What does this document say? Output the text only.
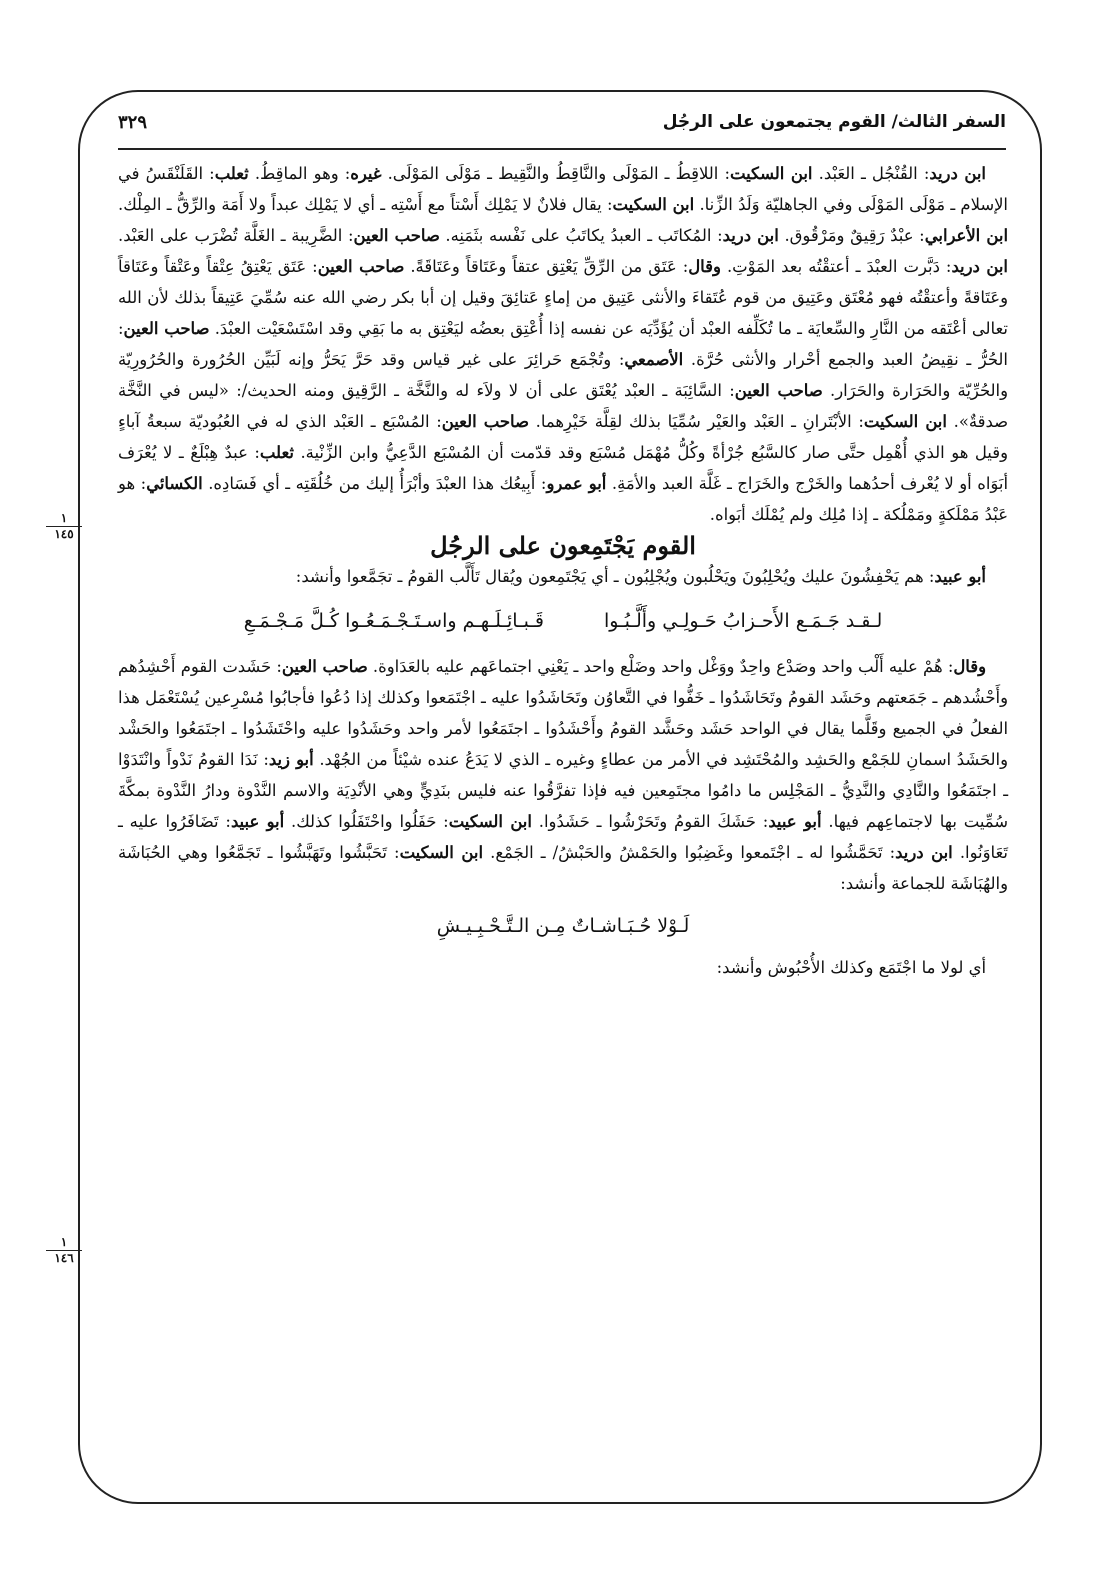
السفر الثالث/ القوم يجتمعون على الرجُل
٣٢٩
١
١٤٥
١
١٤٦

ابن دريد: القُنْجُل ـ العَبْد. ابن السكيت: اللاقِطُ ـ المَوْلَى والنَّاقِطُ والنَّقِيط ـ مَوْلَى المَوْلَى. غيره: وهو الماقِطُ. ثعلب: القَلَنْقَسُ في الإسلام ـ مَوْلَى المَوْلَى وفي الجاهليّة وَلَدُ الزِّنا. ابن السكيت: يقال فلانٌ لا يَمْلِك أَسْتاً مع أَسْتِه ـ أي لا يَمْلِك عبداً ولا أَمَة والرِّقُّ ـ المِلْك. ابن الأعرابي: عبْدٌ رَقِيقٌ ومَرْقُوق. ابن دريد: المُكاتَب ـ العبدُ يكاتَبُ على نَفْسه بثَمَنِه. صاحب العين: الضَّرِيبة ـ الغَلَّة تُضْرَب على العَبْد. ابن دريد: دَبَّرت العبْدَ ـ أعتقْتُه بعد المَوْتِ. وقال: عَتَق من الرِّقِّ يَعْتِق عتقاً وعَتَاقاً وعَتَاقَةً. صاحب العين: عَتَق يَعْتِقُ عِتْقاً وعَتْقاً وعَتَاقاً وعَتَاقةً وأعتقْتُه فهو مُعْتَق وعَتِيق من قوم عُتَقاءَ والأنثى عَتِيق من إماءٍ عَتائِقَ وقيل إن أبا بكر رضي الله عنه سُمِّيَ عَتِيقاً بذلك لأن الله تعالى أعْتَقه من النَّارِ والسِّعايَة ـ ما تُكَلِّفه العبْد أن يُؤَدِّيَه عن نفسه إذا أُعْتِق بعضُه ليَعْتِق به ما بَقِي وقد اسْتَسْعَيْت العبْدَ. صاحب العين: الحُرُّ ـ نقِيضُ العبد والجمع أحْرار والأنثى حُرَّة. الأصمعي: وتُجْمَع حَرائِرَ على غير قياس وقد حَرَّ يَحَرُّ وإنه لَبَيِّن الحُرُورة والحُرُورِيّة والحُرِّيّة والحَرَارة والحَرَار. صاحب العين: السَّائِبَة ـ العبْد يُعْتَق على أن لا ولاَء له والنَّخَّة ـ الرَّقِيق ومنه الحديث/: «ليس في النَّخَّة صدقةٌ». ابن السكيت: الأبْتَرانِ ـ العَبْد والعَيْر سُمِّيَا بذلك لقِلَّة خَيْرِهما. صاحب العين: المُسْبَع ـ العَبْد الذي له في العُبُوديّة سبعةُ آباءٍ وقيل هو الذي أُهْمِل حتَّى صار كالسَّبُع جُرْأةً وكُلُّ مُهْمَل مُسْبَع وقد قدّمت أن المُسْبَع الدَّعِيُّ وابن الزِّنْية. ثعلب: عبدٌ هِبْلَعٌ ـ لا يُعْرَف أبَوَاه أو لا يُعْرف أحدُهما والخَرْج والخَرَاج ـ غَلَّة العبد والأمَةِ. أبو عمرو: أَبِيعُك هذا العبْدَ وأبْرَأُ إليك من خُلُقَتِه ـ أي فَسَادِه. الكسائي: هو عَبْدُ مَمْلَكةٍ ومَمْلُكة ـ إذا مُلِك ولم يُمْلَك أبَواه.

القوم يَجْتَمِعون على الرجُل

أبو عبيد: هم يَحْفِشُونَ عليك ويُحْلِبُونَ ويَحْلُبون ويُجْلِبُون ـ أي يَجْتَمِعون ويُقال تَأَلَّب القومُ ـ تجَمَّعوا وأنشد:

لـقـد جَـمَـع الأَحـزابُ حَـولِـي وأَلَّـبُـوا
قَـبـائِـلَـهـم واسـتَـجْـمَـعُـوا كُـلَّ مَـجْـمَـعِ

وقال: هُمْ عليه أَلْب واحد وصَدْع واحِدٌ ووَغْل واحد وضَلْع واحد ـ يَعْنِي اجتماعَهم عليه بالعَدَاوة. صاحب العين: حَشَدت القوم أَحْشِدُهم وأَحْشُدهم ـ جَمَعتهم وحَشَد القومُ وتَحَاشَدُوا ـ خَفُّوا في التَّعاوُن وتَحَاشَدُوا عليه ـ اجْتَمَعوا وكذلك إذا دُعُوا فأجابُوا مُسْرِعين يُسْتَعْمَل هذا الفعلُ في الجميع وقَلَّما يقال في الواحد حَشَد وحَشَّد القومُ وأَحْشَدُوا ـ اجتَمَعُوا لأمر واحد وحَشَدُوا عليه واحْتَشَدُوا ـ اجتَمَعُوا والحَشْد والحَشَدُ اسمانِ للجَمْع والحَشِد والمُحْتَشِد في الأمر من عطاءٍ وغيره ـ الذي لا يَدَعُ عنده شيْئاً من الجُهْد. أبو زيد: نَدَا القومُ نَدْواً وانْتَدَوْا ـ اجتَمَعُوا والنَّادِي والنَّدِيُّ ـ المَجْلِس ما دامُوا مجتَمِعين فيه فإذا تفرَّقُوا عنه فليس بنَدِيٍّ وهي الأنْدِيَة والاسم النَّدْوة ودارُ النَّدْوة بمكَّةَ سُمِّيت بها لاجتماعِهم فيها. أبو عبيد: حَشَكَ القومُ وتَحَرْشُوا ـ حَشَدُوا. ابن السكيت: حَفَلُوا واحْتَفَلُوا كذلك. أبو عبيد: تَضَافَرُوا عليه ـ تَعَاوَنُوا. ابن دريد: تَحَمَّشُوا له ـ اجْتَمعوا وغَضِبُوا والحَمْشُ والحَبْشُ/ ـ الجَمْع. ابن السكيت: تَحَبَّشُوا وتَهَبَّشُوا ـ تَجَمَّعُوا وهي الحُبَاشَة والهُبَاشَة للجماعة وأنشد:

لَـوْلا حُـبَـاشـاتٌ مِـن الـتَّـحْـبِـيـشِ

أي لولا ما اجْتَمَع وكذلك الأُحْبُوش وأنشد:
